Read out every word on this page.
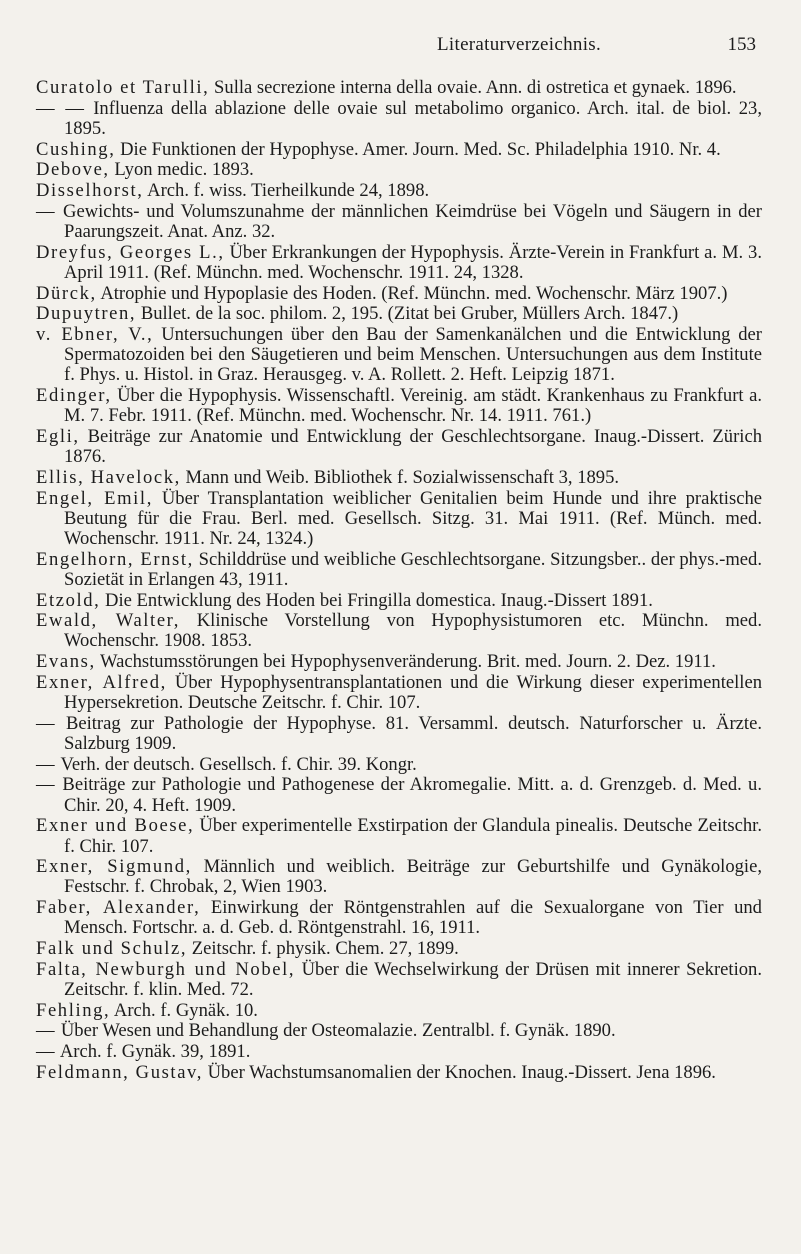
Literaturverzeichnis.	153

Curatolo et Tarulli, Sulla secrezione interna della ovaie. Ann. di ostretica et gynaek. 1896.

— — Influenza della ablazione delle ovaie sul metabolimo organico. Arch. ital. de biol. 23, 1895.

Cushing, Die Funktionen der Hypophyse. Amer. Journ. Med. Sc. Philadelphia 1910. Nr. 4.

Debove, Lyon medic. 1893.

Disselhorst, Arch. f. wiss. Tierheilkunde 24, 1898.

— Gewichts- und Volumszunahme der männlichen Keimdrüse bei Vögeln und Säugern in der Paarungszeit. Anat. Anz. 32.

Dreyfus, Georges L., Über Erkrankungen der Hypophysis. Ärzte-Verein in Frankfurt a. M. 3. April 1911. (Ref. Münchn. med. Wochenschr. 1911. 24, 1328.

Dürck, Atrophie und Hypoplasie des Hoden. (Ref. Münchn. med. Wochenschr. März 1907.)

Dupuytren, Bullet. de la soc. philom. 2, 195. (Zitat bei Gruber, Müllers Arch. 1847.)

v. Ebner, V., Untersuchungen über den Bau der Samenkanälchen und die Entwicklung der Spermatozoiden bei den Säugetieren und beim Menschen. Untersuchungen aus dem Institute f. Phys. u. Histol. in Graz. Herausgeg. v. A. Rollett. 2. Heft. Leipzig 1871.

Edinger, Über die Hypophysis. Wissenschaftl. Vereinig. am städt. Krankenhaus zu Frankfurt a. M. 7. Febr. 1911. (Ref. Münchn. med. Wochenschr. Nr. 14. 1911. 761.)

Egli, Beiträge zur Anatomie und Entwicklung der Geschlechtsorgane. Inaug.-Dissert. Zürich 1876.

Ellis, Havelock, Mann und Weib. Bibliothek f. Sozialwissenschaft 3, 1895.

Engel, Emil, Über Transplantation weiblicher Genitalien beim Hunde und ihre praktische Beutung für die Frau. Berl. med. Gesellsch. Sitzg. 31. Mai 1911. (Ref. Münch. med. Wochenschr. 1911. Nr. 24, 1324.)

Engelhorn, Ernst, Schilddrüse und weibliche Geschlechtsorgane. Sitzungsber.. der phys.-med. Sozietät in Erlangen 43, 1911.

Etzold, Die Entwicklung des Hoden bei Fringilla domestica. Inaug.-Dissert 1891.

Ewald, Walter, Klinische Vorstellung von Hypophysistumoren etc. Münchn. med. Wochenschr. 1908. 1853.

Evans, Wachstumsstörungen bei Hypophysenveränderung. Brit. med. Journ. 2. Dez. 1911.

Exner, Alfred, Über Hypophysentransplantationen und die Wirkung dieser experimentellen Hypersekretion. Deutsche Zeitschr. f. Chir. 107.

— Beitrag zur Pathologie der Hypophyse. 81. Versamml. deutsch. Naturforscher u. Ärzte. Salzburg 1909.

— Verh. der deutsch. Gesellsch. f. Chir. 39. Kongr.

— Beiträge zur Pathologie und Pathogenese der Akromegalie. Mitt. a. d. Grenzgeb. d. Med. u. Chir. 20, 4. Heft. 1909.

Exner und Boese, Über experimentelle Exstirpation der Glandula pinealis. Deutsche Zeitschr. f. Chir. 107.

Exner, Sigmund, Männlich und weiblich. Beiträge zur Geburtshilfe und Gynäkologie, Festschr. f. Chrobak, 2, Wien 1903.

Faber, Alexander, Einwirkung der Röntgenstrahlen auf die Sexualorgane von Tier und Mensch. Fortschr. a. d. Geb. d. Röntgenstrahl. 16, 1911.

Falk und Schulz, Zeitschr. f. physik. Chem. 27, 1899.

Falta, Newburgh und Nobel, Über die Wechselwirkung der Drüsen mit innerer Sekretion. Zeitschr. f. klin. Med. 72.

Fehling, Arch. f. Gynäk. 10.

— Über Wesen und Behandlung der Osteomalazie. Zentralbl. f. Gynäk. 1890.

— Arch. f. Gynäk. 39, 1891.

Feldmann, Gustav, Über Wachstumsanomalien der Knochen. Inaug.-Dissert. Jena 1896.
